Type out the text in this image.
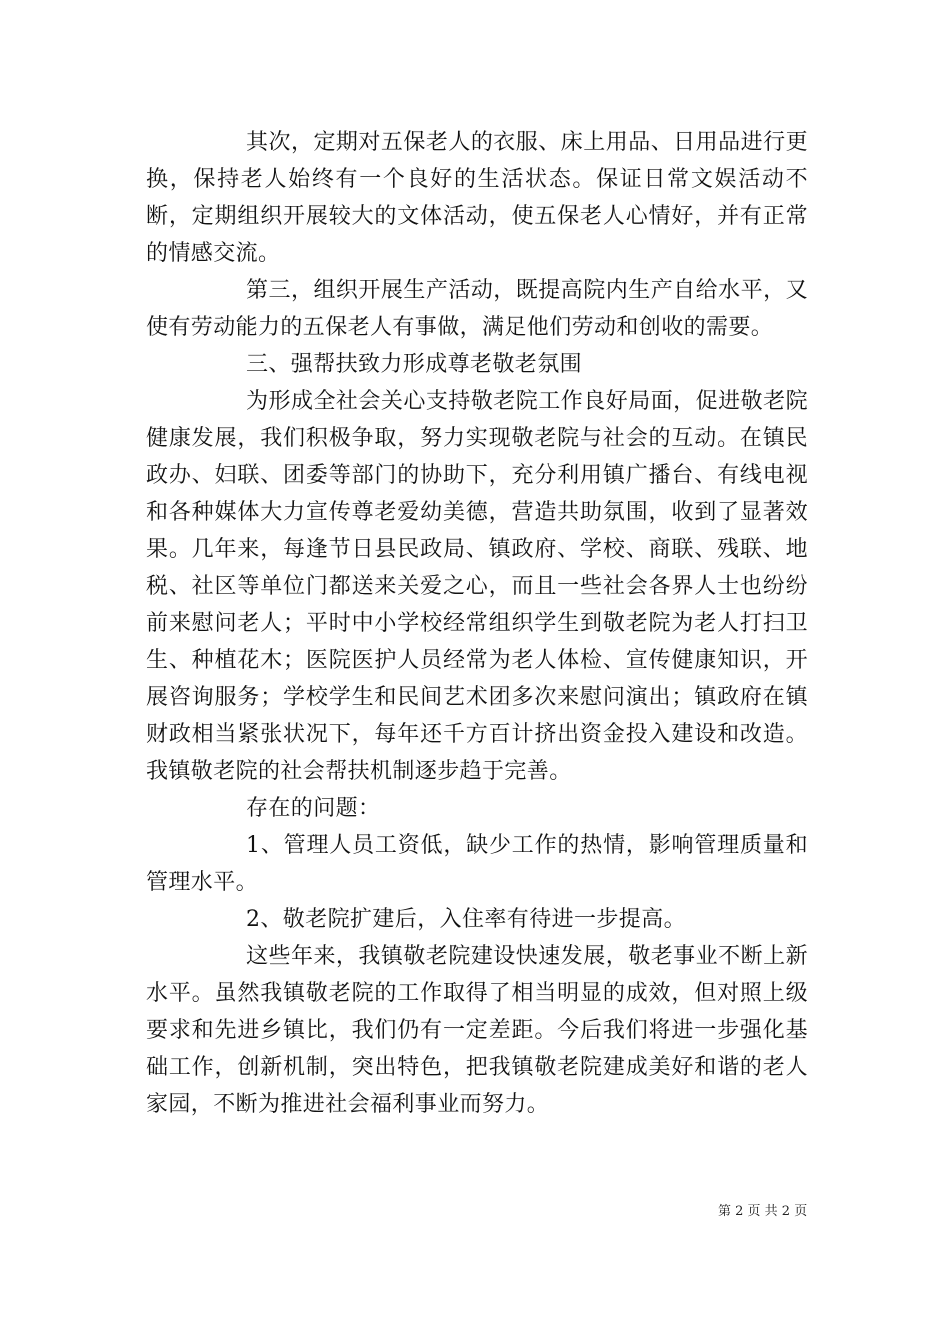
其次，定期对五保老人的衣服、床上用品、日用品进行更换，保持老人始终有一个良好的生活状态。保证日常文娱活动不断，定期组织开展较大的文体活动，使五保老人心情好，并有正常的情感交流。

第三，组织开展生产活动，既提高院内生产自给水平，又使有劳动能力的五保老人有事做，满足他们劳动和创收的需要。

三、强帮扶致力形成尊老敬老氛围

为形成全社会关心支持敬老院工作良好局面，促进敬老院健康发展，我们积极争取，努力实现敬老院与社会的互动。在镇民政办、妇联、团委等部门的协助下，充分利用镇广播台、有线电视和各种媒体大力宣传尊老爱幼美德，营造共助氛围，收到了显著效果。几年来，每逢节日县民政局、镇政府、学校、商联、残联、地税、社区等单位门都送来关爱之心，而且一些社会各界人士也纷纷前来慰问老人；平时中小学校经常组织学生到敬老院为老人打扫卫生、种植花木；医院医护人员经常为老人体检、宣传健康知识，开展咨询服务；学校学生和民间艺术团多次来慰问演出；镇政府在镇财政相当紧张状况下，每年还千方百计挤出资金投入建设和改造。我镇敬老院的社会帮扶机制逐步趋于完善。

存在的问题：

1、管理人员工资低，缺少工作的热情，影响管理质量和管理水平。

2、敬老院扩建后，入住率有待进一步提高。

这些年来，我镇敬老院建设快速发展，敬老事业不断上新水平。虽然我镇敬老院的工作取得了相当明显的成效，但对照上级要求和先进乡镇比，我们仍有一定差距。今后我们将进一步强化基础工作，创新机制，突出特色，把我镇敬老院建成美好和谐的老人家园，不断为推进社会福利事业而努力。

第 2 页 共 2 页
